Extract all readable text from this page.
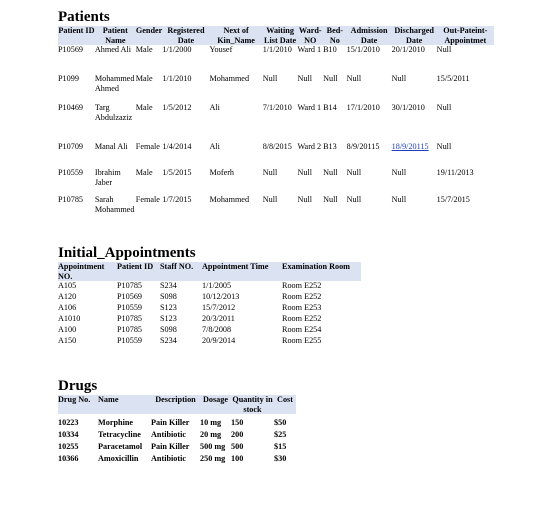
Patients
Patient ID	Patient Name	Gender	Registered Date	Next of Kin_Name	Waiting List Date	Ward- NO	Bed- No	Admission Date	Discharged Date	Out-Pateint- Appointmet
P10569	Ahmed Ali	Male	1/1/2000	Yousef	1/1/2010	Ward 1	B10	15/1/2010	20/1/2010	Null
P1099	Mohammed Ahmed	Male	1/1/2010	Mohammed	Null	Null	Null	Null	Null	15/5/2011
P10469	Targ Abdulzaziz	Male	1/5/2012	Ali	7/1/2010	Ward 1	B14	17/1/2010	30/1/2010	Null
P10709	Manal Ali	Female	1/4/2014	Ali	8/8/2015	Ward 2	B13	8/9/20115	18/9/20115	Null
P10559	Ibrahim Jaber	Male	1/5/2015	Moferh	Null	Null	Null	Null	Null	19/11/2013
P10785	Sarah Mohammed	Female	1/7/2015	Mohammed	Null	Null	Null	Null	Null	15/7/2015
Initial_Appointments
Appointment NO.	Patient ID	Staff NO.	Appointment Time	Examination Room
A105	P10785	S234	1/1/2005	Room E252
A120	P10569	S098	10/12/2013	Room E252
A106	P10559	S123	15/7/2012	Room E253
A1010	P10785	S123	20/3/2011	Room E252
A100	P10785	S098	7/8/2008	Room E254
A150	P10559	S234	20/9/2014	Room E255
Drugs
Drug No.	Name	Description	Dosage	Quantity in stock	Cost

10223	Morphine	Pain Killer	10 mg	150	$50
10334	Tetracycline	Antibiotic	20 mg	200	$25
10255	Paracetamol	Pain Killer	500 mg	500	$15
10366	Amoxicillin	Antibiotic	250 mg	100	$30
